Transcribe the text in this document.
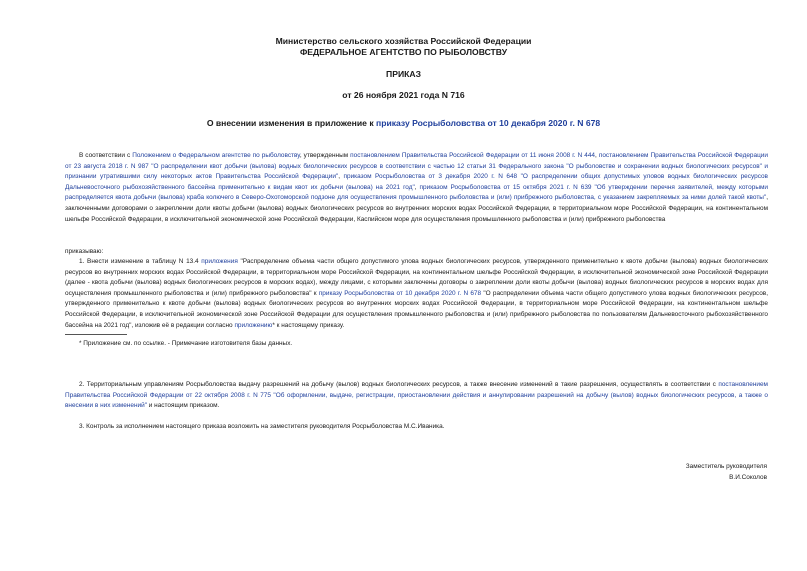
Министерство сельского хозяйства Российской Федерации
ФЕДЕРАЛЬНОЕ АГЕНТСТВО ПО РЫБОЛОВСТВУ
ПРИКАЗ
от 26 ноября 2021 года N 716
О внесении изменения в приложение к приказу Росрыболовства от 10 декабря 2020 г. N 678

В соответствии с Положением о Федеральном агентстве по рыболовству, утвержденным постановлением Правительства Российской Федерации от 11 июня 2008 г. N 444, постановлением Правительства Российской Федерации от 23 августа 2018 г. N 987 "О распределении квот добычи (вылова) водных биологических ресурсов в соответствии с частью 12 статьи 31 Федерального закона "О рыболовстве и сохранении водных биологических ресурсов" и признании утратившими силу некоторых актов Правительства Российской Федерации", приказом Росрыболовства от 3 декабря 2020 г. N 648 "О распределении общих допустимых уловов водных биологических ресурсов Дальневосточного рыбохозяйственного бассейна применительно к видам квот их добычи (вылова) на 2021 год", приказом Росрыболовства от 15 октября 2021 г. N 639 "Об утверждении перечня заявителей, между которыми распределяется квота добычи (вылова) краба колючего в Северо-Охотоморской подзоне для осуществления промышленного рыболовства и (или) прибрежного рыболовства, с указанием закрепляемых за ними долей такой квоты", заключенными договорами о закреплении доли квоты добычи (вылова) водных биологических ресурсов во внутренних морских водах Российской Федерации, в территориальном море Российской Федерации, на континентальном шельфе Российской Федерации, в исключительной экономической зоне Российской Федерации, Каспийском море для осуществления промышленного рыболовства и (или) прибрежного рыболовства

приказываю:

1. Внести изменение в таблицу N 13.4 приложения "Распределение объема части общего допустимого улова водных биологических ресурсов, утвержденного применительно к квоте добычи (вылова) водных биологических ресурсов во внутренних морских водах Российской Федерации, в территориальном море Российской Федерации, на континентальном шельфе Российской Федерации, в исключительной экономической зоне Российской Федерации (далее - квота добычи (вылова) водных биологических ресурсов в морских водах), между лицами, с которыми заключены договоры о закреплении доли квоты добычи (вылова) водных биологических ресурсов в морских водах для осуществления промышленного рыболовства и (или) прибрежного рыболовства" к приказу Росрыболовства от 10 декабря 2020 г. N 678 "О распределении объема части общего допустимого улова водных биологических ресурсов, утвержденного применительно к квоте добычи (вылова) водных биологических ресурсов во внутренних морских водах Российской Федерации, в территориальном море Российской Федерации, на континентальном шельфе Российской Федерации, в исключительной экономической зоне Российской Федерации для осуществления промышленного рыболовства и (или) прибрежного рыболовства по пользователям Дальневосточного рыбохозяйственного бассейна на 2021 год", изложив её в редакции согласно приложению* к настоящему приказу.

* Приложение см. по ссылке. - Примечание изготовителя базы данных.

2. Территориальным управлениям Росрыболовства выдачу разрешений на добычу (вылов) водных биологических ресурсов, а также внесение изменений в такие разрешения, осуществлять в соответствии с постановлением Правительства Российской Федерации от 22 октября 2008 г. N 775 "Об оформлении, выдаче, регистрации, приостановлении действия и аннулировании разрешений на добычу (вылов) водных биологических ресурсов, а также о внесении в них изменений" и настоящим приказом.

3. Контроль за исполнением настоящего приказа возложить на заместителя руководителя Росрыболовства М.С.Иваника.
Заместитель руководителя
В.И.Соколов
